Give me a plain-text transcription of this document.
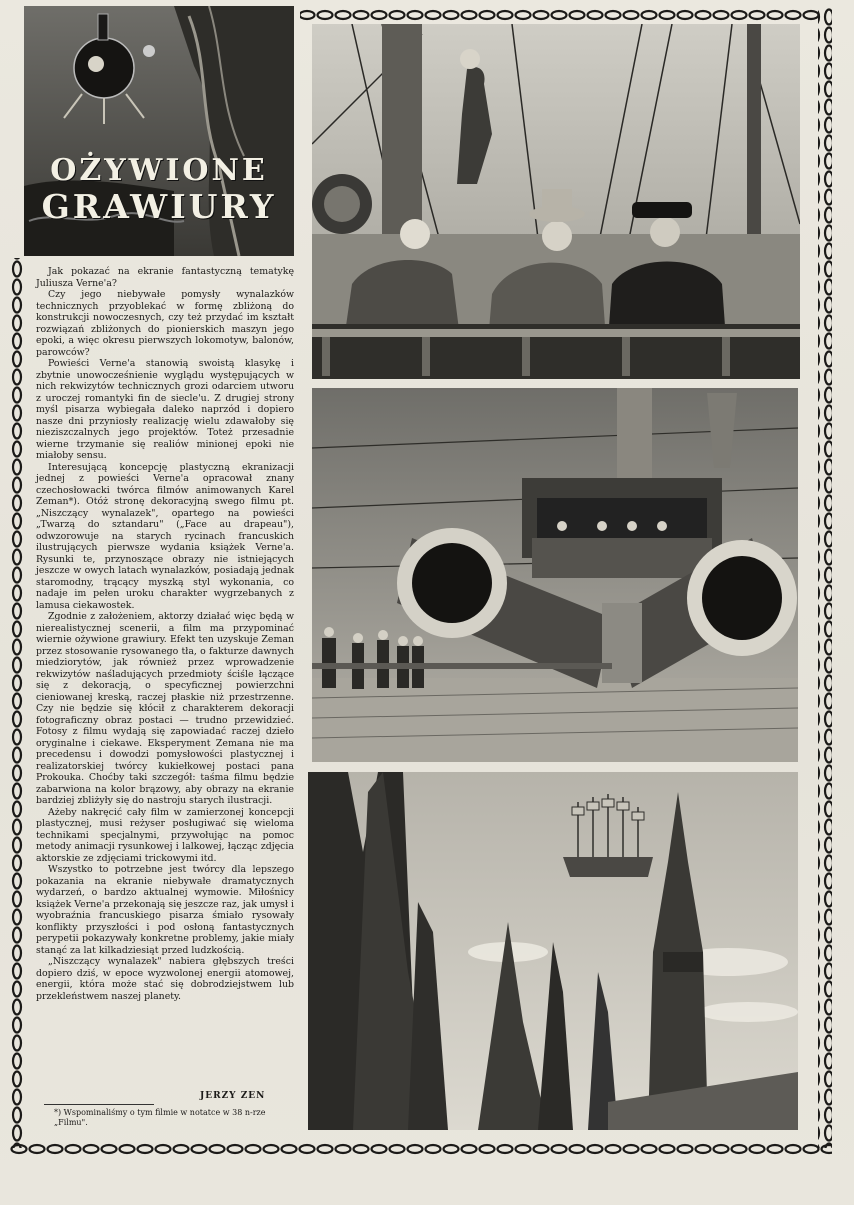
OŻYWIONE
GRAWIURY

Jak pokazać na ekranie fantastyczną tematykę Juliusza Verne'a?

Czy jego niebywałe pomysły wynalazków technicznych przyoblekać w formę zbliżoną do konstrukcji nowoczesnych, czy też przydać im kształt rozwiązań zbliżonych do pionierskich maszyn jego epoki, a więc okresu pierwszych lokomotyw, balonów, parowców?

Powieści Verne'a stanowią swoistą klasykę i zbytnie unowocześnienie wyglądu występujących w nich rekwizytów technicznych grozi odarciem utworu z uroczej romantyki fin de siecle'u. Z drugiej strony myśl pisarza wybiegała daleko naprzód i dopiero nasze dni przyniosły realizację wielu zdawałoby się nieziszczalnych jego projektów. Toteż przesadnie wierne trzymanie się realiów minionej epoki nie miałoby sensu.

Interesującą koncepcję plastyczną ekranizacji jednej z powieści Verne'a opracował znany czechosłowacki twórca filmów animowanych Karel Zeman*). Otóż stronę dekoracyjną swego filmu pt. „Niszczący wynalazek", opartego na powieści „Twarzą do sztandaru" („Face au drapeau"), odwzorowuje na starych rycinach francuskich ilustrujących pierwsze wydania książek Verne'a. Rysunki te, przynoszące obrazy nie istniejących jeszcze w owych latach wynalazków, posiadają jednak staromodny, trącący myszką styl wykonania, co nadaje im pełen uroku charakter wygrzebanych z lamusa ciekawostek.

Zgodnie z założeniem, aktorzy działać więc będą w nierealistycznej scenerii, a film ma przypominać wiernie ożywione grawiury. Efekt ten uzyskuje Zeman przez stosowanie rysowanego tła, o fakturze dawnych miedziorytów, jak również przez wprowadzenie rekwizytów naśladujących przedmioty ściśle łączące się z dekoracją, o specyficznej powierzchni cieniowanej kreską, raczej płaskie niż przestrzenne. Czy nie będzie się kłócił z charakterem dekoracji fotograficzny obraz postaci — trudno przewidzieć. Fotosy z filmu wydają się zapowiadać raczej dzieło oryginalne i ciekawe. Eksperyment Zemana nie ma precedensu i dowodzi pomysłowości plastycznej i realizatorskiej twórcy kukiełkowej postaci pana Prokouka. Choćby taki szczegół: taśma filmu będzie zabarwiona na kolor brązowy, aby obrazy na ekranie bardziej zbliżyły się do nastroju starych ilustracji.

Ażeby nakręcić cały film w zamierzonej koncepcji plastycznej, musi reżyser posługiwać się wieloma technikami specjalnymi, przywołując na pomoc metody animacji rysunkowej i lalkowej, łącząc zdjęcia aktorskie ze zdjęciami trickowymi itd.

Wszystko to potrzebne jest twórcy dla lepszego pokazania na ekranie niebywałe dramatycznych wydarzeń, o bardzo aktualnej wymowie. Miłośnicy książek Verne'a przekonają się jeszcze raz, jak umysł i wyobraźnia francuskiego pisarza śmiało rysowały konflikty przyszłości i pod osłoną fantastycznych perypetii pokazywały konkretne problemy, jakie miały stanąć za lat kilkadziesiąt przed ludzkością.

„Niszczący wynalazek" nabiera głębszych treści dopiero dziś, w epoce wyzwolonej energii atomowej, energii, która może stać się dobrodziejstwem lub przekleństwem naszej planety.

JERZY ZEN
*) Wspominaliśmy o tym filmie w notatce w 38 n-rze „Filmu".
